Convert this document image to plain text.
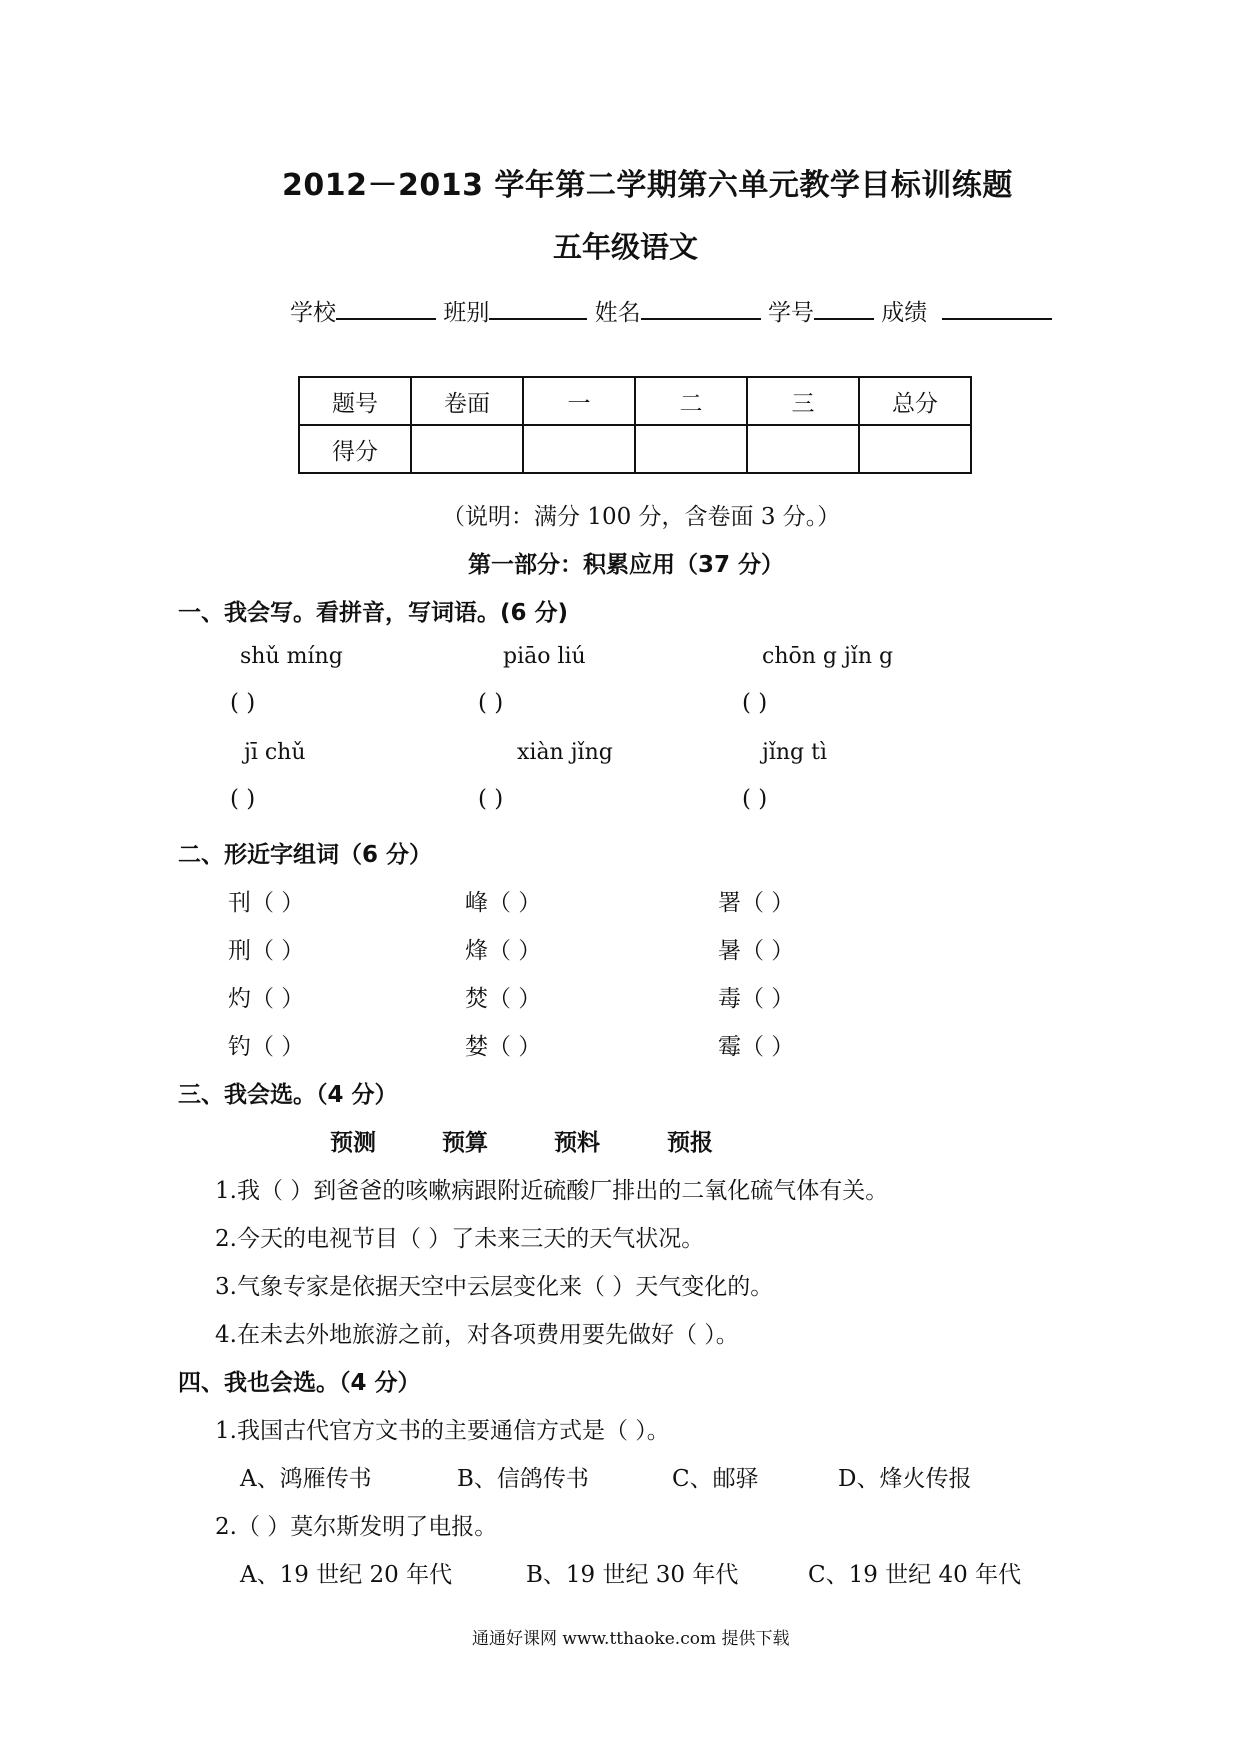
2012－2013 学年第二学期第六单元教学目标训练题
五年级语文
学校	班别	姓名	学号	成绩
题号	卷面	一	二	三	总分
得分					
（说明：满分 100 分，含卷面 3 分。）
第一部分：积累应用（37 分）
一、我会写。看拼音，写词语。(6 分)
shǔ míng	piāo liú	chōn g jǐn g
( )	( )	( )
jī chǔ	xiàn jǐng	jǐng tì
( )	( )	( )
二、形近字组词（6 分）
刊（ ）	峰（ ）	署（ ）
刑（ ）	烽（ ）	暑（ ）
灼（ ）	焚（ ）	毒（ ）
钓（ ）	婪（ ）	霉（ ）
三、我会选。（4 分）
预测	预算	预料	预报
1.我（ ）到爸爸的咳嗽病跟附近硫酸厂排出的二氧化硫气体有关。
2.今天的电视节目（ ）了未来三天的天气状况。
3.气象专家是依据天空中云层变化来（ ）天气变化的。
4.在未去外地旅游之前，对各项费用要先做好（ ）。
四、我也会选。（4 分）
1.我国古代官方文书的主要通信方式是（ ）。
A、鸿雁传书	B、信鸽传书	C、邮驿	D、烽火传报
2.（ ）莫尔斯发明了电报。
A、19 世纪 20 年代	B、19 世纪 30 年代	C、19 世纪 40 年代
通通好课网 www.tthaoke.com 提供下载
